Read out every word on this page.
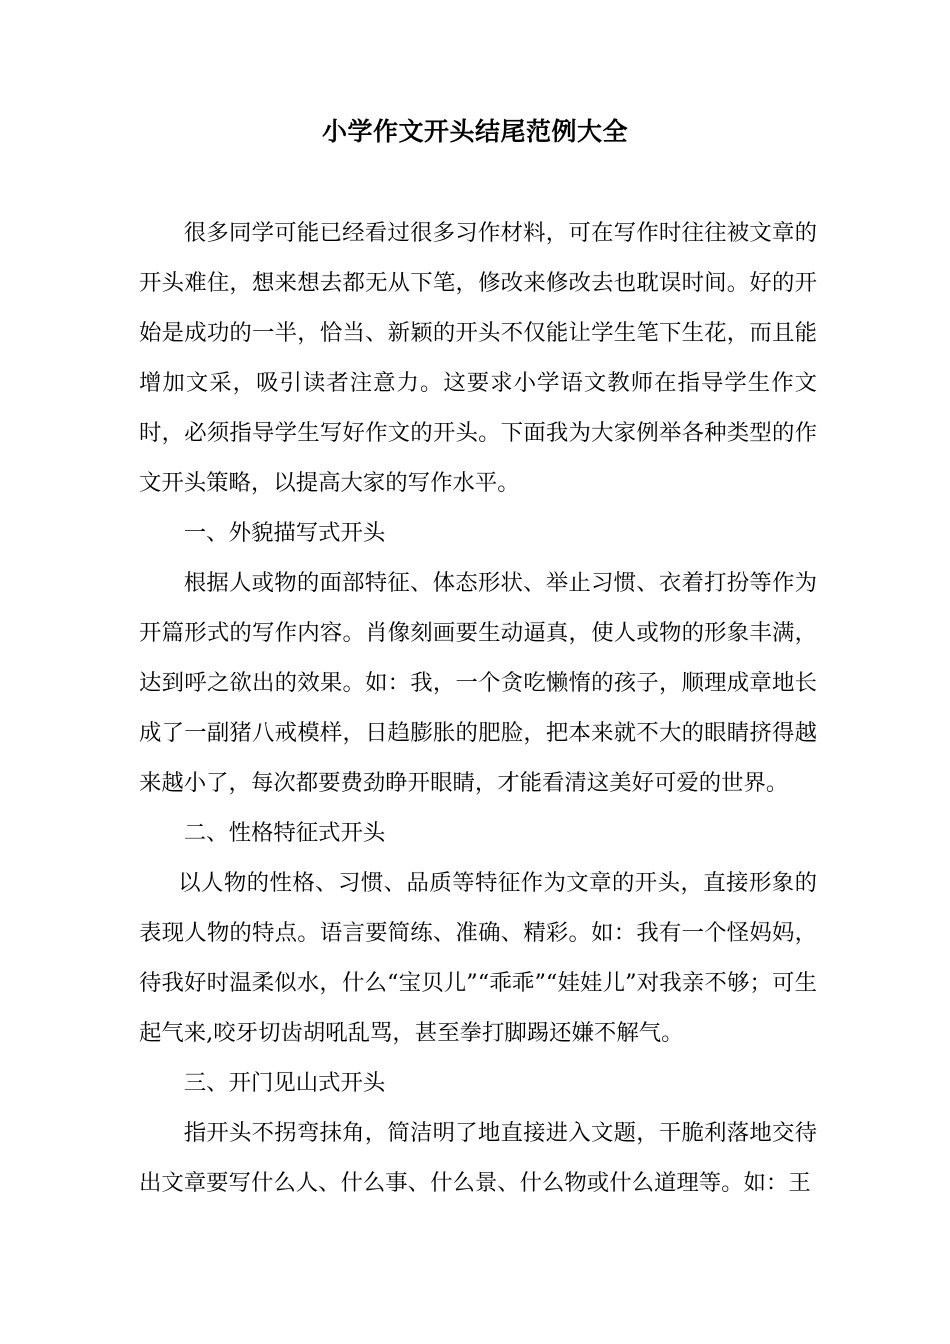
小学作文开头结尾范例大全

很多同学可能已经看过很多习作材料，可在写作时往往被文章的开头难住，想来想去都无从下笔，修改来修改去也耽误时间。好的开始是成功的一半，恰当、新颖的开头不仅能让学生笔下生花，而且能增加文采，吸引读者注意力。这要求小学语文教师在指导学生作文时，必须指导学生写好作文的开头。下面我为大家例举各种类型的作文开头策略，以提高大家的写作水平。

一、外貌描写式开头

根据人或物的面部特征、体态形状、举止习惯、衣着打扮等作为开篇形式的写作内容。肖像刻画要生动逼真，使人或物的形象丰满，达到呼之欲出的效果。如：我，一个贪吃懒惰的孩子，顺理成章地长成了一副猪八戒模样，日趋膨胀的肥脸，把本来就不大的眼睛挤得越来越小了，每次都要费劲睁开眼睛，才能看清这美好可爱的世界。

二、性格特征式开头

以人物的性格、习惯、品质等特征作为文章的开头，直接形象的表现人物的特点。语言要简练、准确、精彩。如：我有一个怪妈妈，待我好时温柔似水，什么“宝贝儿”“乖乖”“娃娃儿”对我亲不够；可生起气来,咬牙切齿胡吼乱骂，甚至拳打脚踢还嫌不解气。

三、开门见山式开头

指开头不拐弯抹角，简洁明了地直接进入文题，干脆利落地交待出文章要写什么人、什么事、什么景、什么物或什么道理等。如：王
